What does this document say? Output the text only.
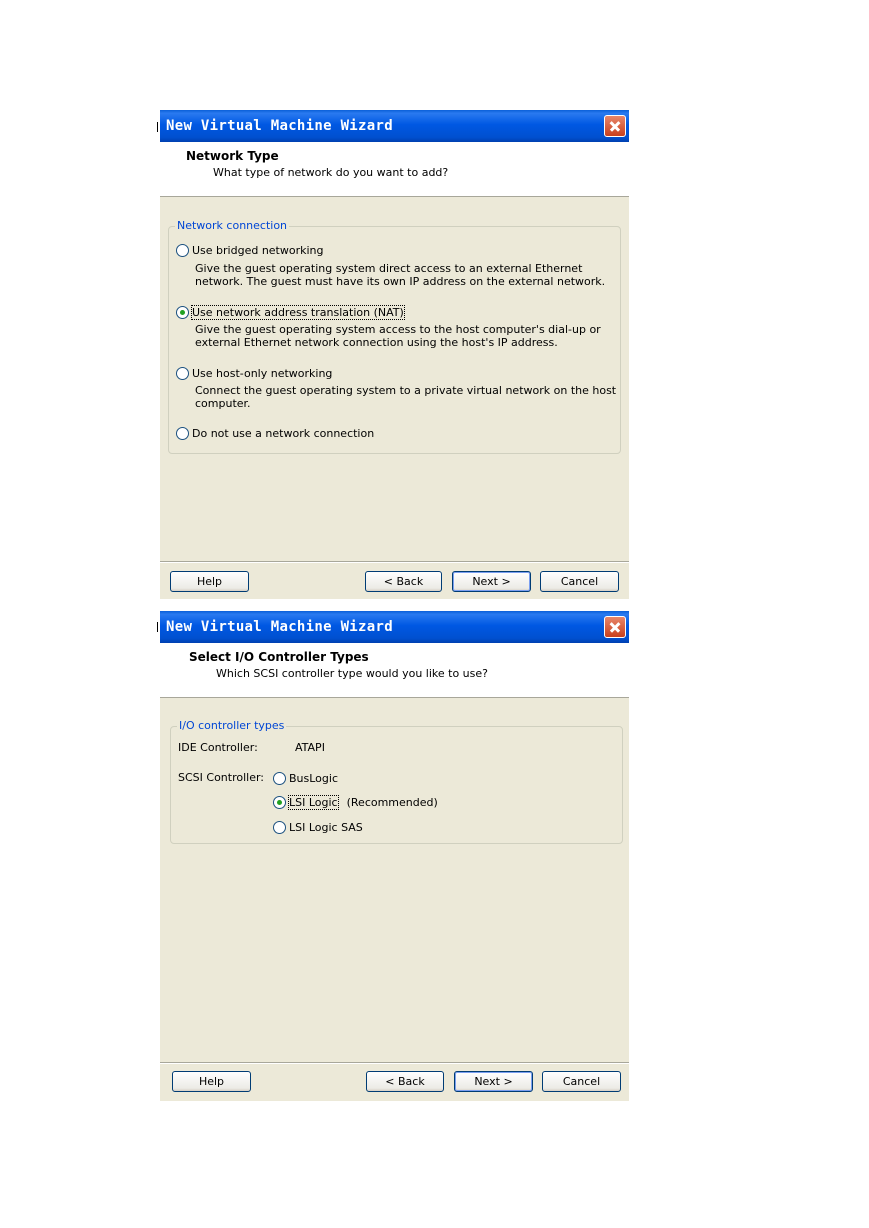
New Virtual Machine Wizard
Network Type
What type of network do you want to add?
Network connection
Use bridged networking
Give the guest operating system direct access to an external Ethernet network. The guest must have its own IP address on the external network.
Use network address translation (NAT)
Give the guest operating system access to the host computer's dial-up or external Ethernet network connection using the host's IP address.
Use host-only networking
Connect the guest operating system to a private virtual network on the host computer.
Do not use a network connection
Help	< Back	Next >	Cancel
New Virtual Machine Wizard
Select I/O Controller Types
Which SCSI controller type would you like to use?
I/O controller types
IDE Controller:	ATAPI
SCSI Controller: BusLogic
LSI Logic (Recommended)
LSI Logic SAS
Help	< Back	Next >	Cancel
